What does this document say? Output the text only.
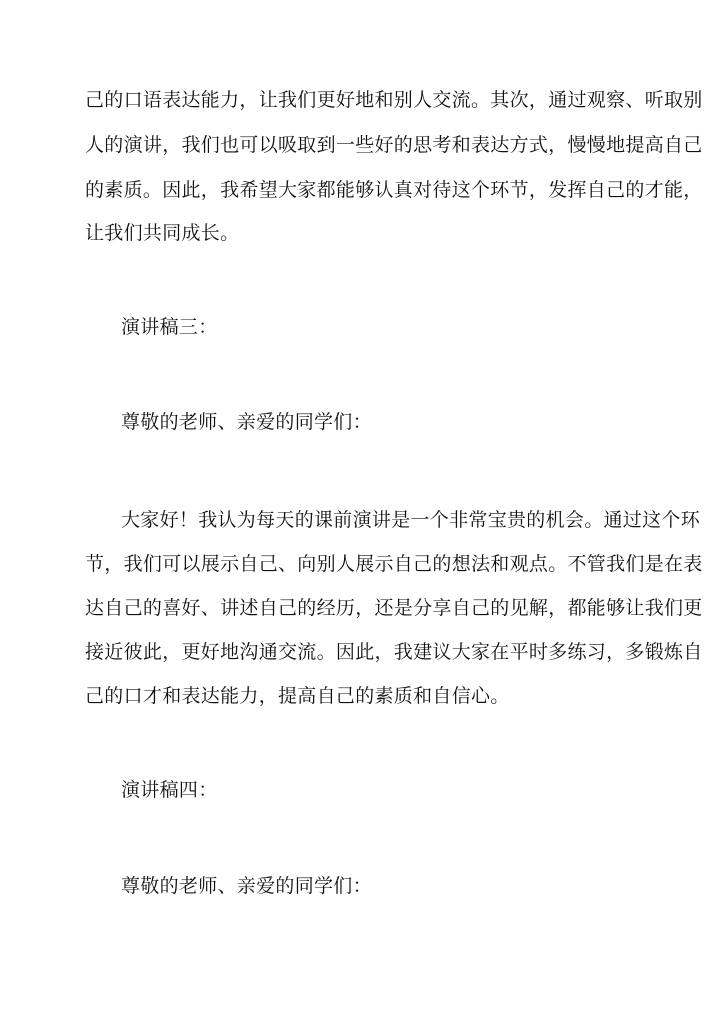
己的口语表达能力，让我们更好地和别人交流。其次，通过观察、听取别
人的演讲，我们也可以吸取到一些好的思考和表达方式，慢慢地提高自己
的素质。因此，我希望大家都能够认真对待这个环节，发挥自己的才能，
让我们共同成长。
演讲稿三：
尊敬的老师、亲爱的同学们：
大家好！我认为每天的课前演讲是一个非常宝贵的机会。通过这个环
节，我们可以展示自己、向别人展示自己的想法和观点。不管我们是在表
达自己的喜好、讲述自己的经历，还是分享自己的见解，都能够让我们更
接近彼此，更好地沟通交流。因此，我建议大家在平时多练习，多锻炼自
己的口才和表达能力，提高自己的素质和自信心。
演讲稿四：
尊敬的老师、亲爱的同学们：
